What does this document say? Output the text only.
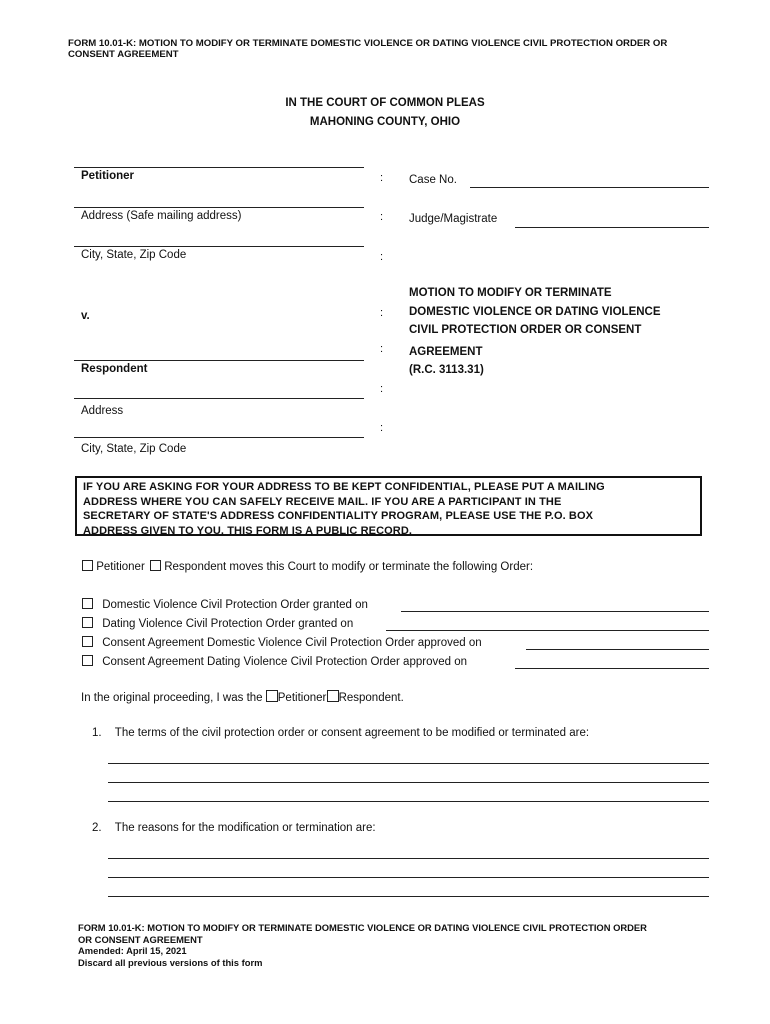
FORM 10.01-K: MOTION TO MODIFY OR TERMINATE DOMESTIC VIOLENCE OR DATING VIOLENCE CIVIL PROTECTION ORDER OR
CONSENT AGREEMENT
IN THE COURT OF COMMON PLEAS
MAHONING COUNTY, OHIO
Petitioner
Address (Safe mailing address)
City, State, Zip Code
v.
Respondent
Address
City, State, Zip Code
:
:
:
:
:
:
:
Case No.
Judge/Magistrate
MOTION TO MODIFY OR TERMINATE
DOMESTIC VIOLENCE OR DATING VIOLENCE
CIVIL PROTECTION ORDER OR CONSENT
AGREEMENT
(R.C. 3113.31)
IF YOU ARE ASKING FOR YOUR ADDRESS TO BE KEPT CONFIDENTIAL, PLEASE PUT A MAILING
ADDRESS WHERE YOU CAN SAFELY RECEIVE MAIL. IF YOU ARE A PARTICIPANT IN THE
SECRETARY OF STATE'S ADDRESS CONFIDENTIALITY PROGRAM, PLEASE USE THE P.O. BOX
ADDRESS GIVEN TO YOU. THIS FORM IS A PUBLIC RECORD.
Petitioner Respondent moves this Court to modify or terminate the following Order:
Domestic Violence Civil Protection Order granted on
Dating Violence Civil Protection Order granted on
Consent Agreement Domestic Violence Civil Protection Order approved on
Consent Agreement Dating Violence Civil Protection Order approved on
In the original proceeding, I was the Petitioner Respondent.
1. The terms of the civil protection order or consent agreement to be modified or terminated are:
2. The reasons for the modification or termination are:
FORM 10.01-K: MOTION TO MODIFY OR TERMINATE DOMESTIC VIOLENCE OR DATING VIOLENCE CIVIL PROTECTION ORDER
OR CONSENT AGREEMENT
Amended: April 15, 2021
Discard all previous versions of this form
